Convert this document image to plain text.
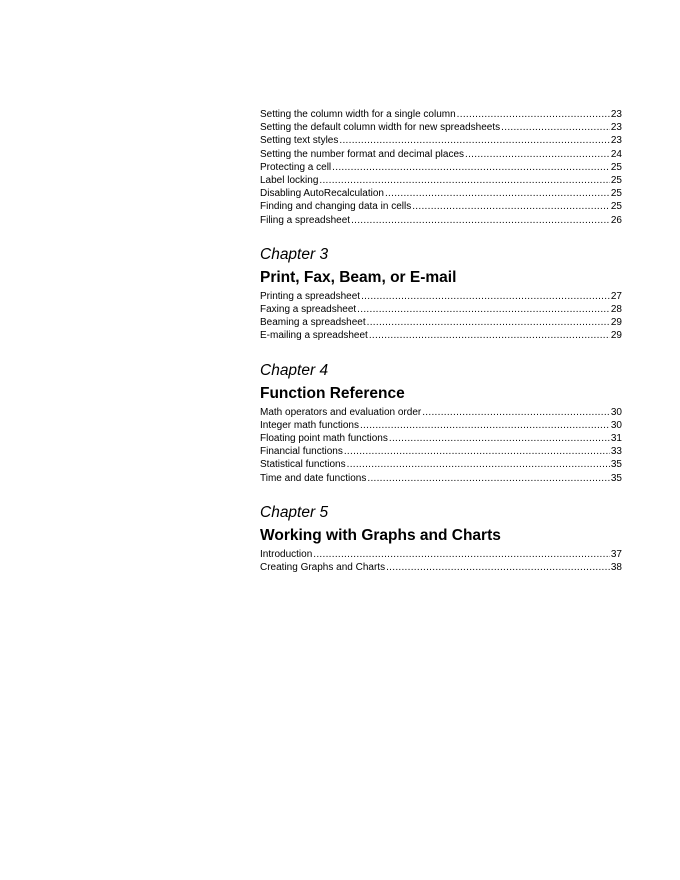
Setting the column width for a single column .....	23
Setting the default column width for new spreadsheets .....	23
Setting text styles .....	23
Setting the number format and decimal places .....	24
Protecting a cell .....	25
Label locking .....	25
Disabling AutoRecalculation .....	25
Finding and changing data in cells .....	25
Filing a spreadsheet .....	26
Chapter 3
Print, Fax, Beam, or E-mail
Printing a spreadsheet .....	27
Faxing a spreadsheet .....	28
Beaming a spreadsheet .....	29
E-mailing a spreadsheet .....	29
Chapter 4
Function Reference
Math operators and evaluation order .....	30
Integer math functions .....	30
Floating point math functions .....	31
Financial functions .....	33
Statistical functions .....	35
Time and date functions .....	35
Chapter 5
Working with Graphs and Charts
Introduction .....	37
Creating Graphs and Charts .....	38
